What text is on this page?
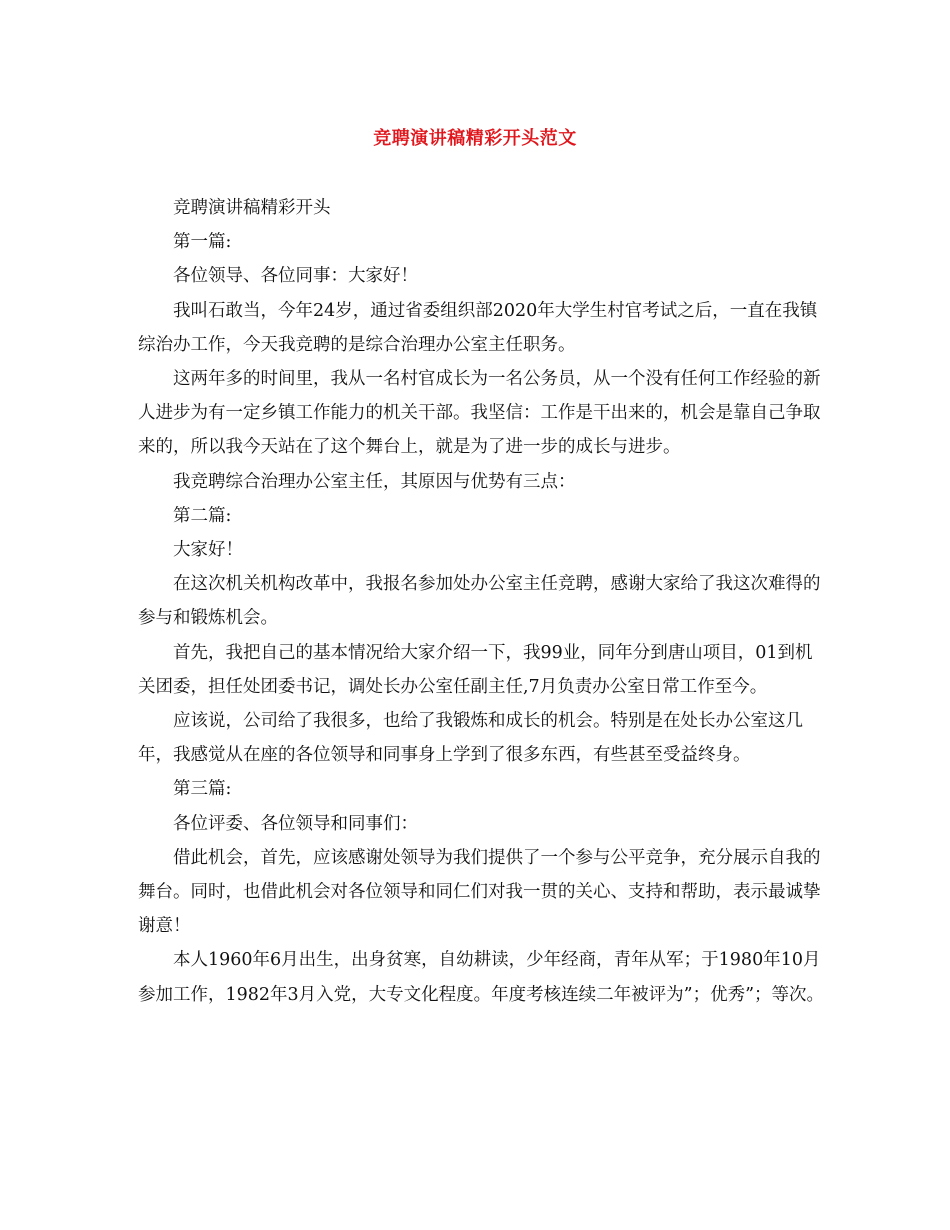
竞聘演讲稿精彩开头范文

竞聘演讲稿精彩开头

第一篇:

各位领导、各位同事：大家好！

我叫石敢当，今年24岁，通过省委组织部2020年大学生村官考试之后，一直在我镇综治办工作，今天我竞聘的是综合治理办公室主任职务。

这两年多的时间里，我从一名村官成长为一名公务员，从一个没有任何工作经验的新人进步为有一定乡镇工作能力的机关干部。我坚信：工作是干出来的，机会是靠自己争取来的，所以我今天站在了这个舞台上，就是为了进一步的成长与进步。

我竞聘综合治理办公室主任，其原因与优势有三点：

第二篇:

大家好！

在这次机关机构改革中，我报名参加处办公室主任竞聘，感谢大家给了我这次难得的参与和锻炼机会。

首先，我把自己的基本情况给大家介绍一下，我99业，同年分到唐山项目，01到机关团委，担任处团委书记，调处长办公室任副主任,7月负责办公室日常工作至今。

应该说，公司给了我很多，也给了我锻炼和成长的机会。特别是在处长办公室这几年，我感觉从在座的各位领导和同事身上学到了很多东西，有些甚至受益终身。

第三篇:

各位评委、各位领导和同事们：

借此机会，首先，应该感谢处领导为我们提供了一个参与公平竞争，充分展示自我的舞台。同时，也借此机会对各位领导和同仁们对我一贯的关心、支持和帮助，表示最诚挚谢意！

本人1960年6月出生，出身贫寒，自幼耕读，少年经商，青年从军；于1980年10月参加工作，1982年3月入党，大专文化程度。年度考核连续二年被评为”；优秀”；等次。
